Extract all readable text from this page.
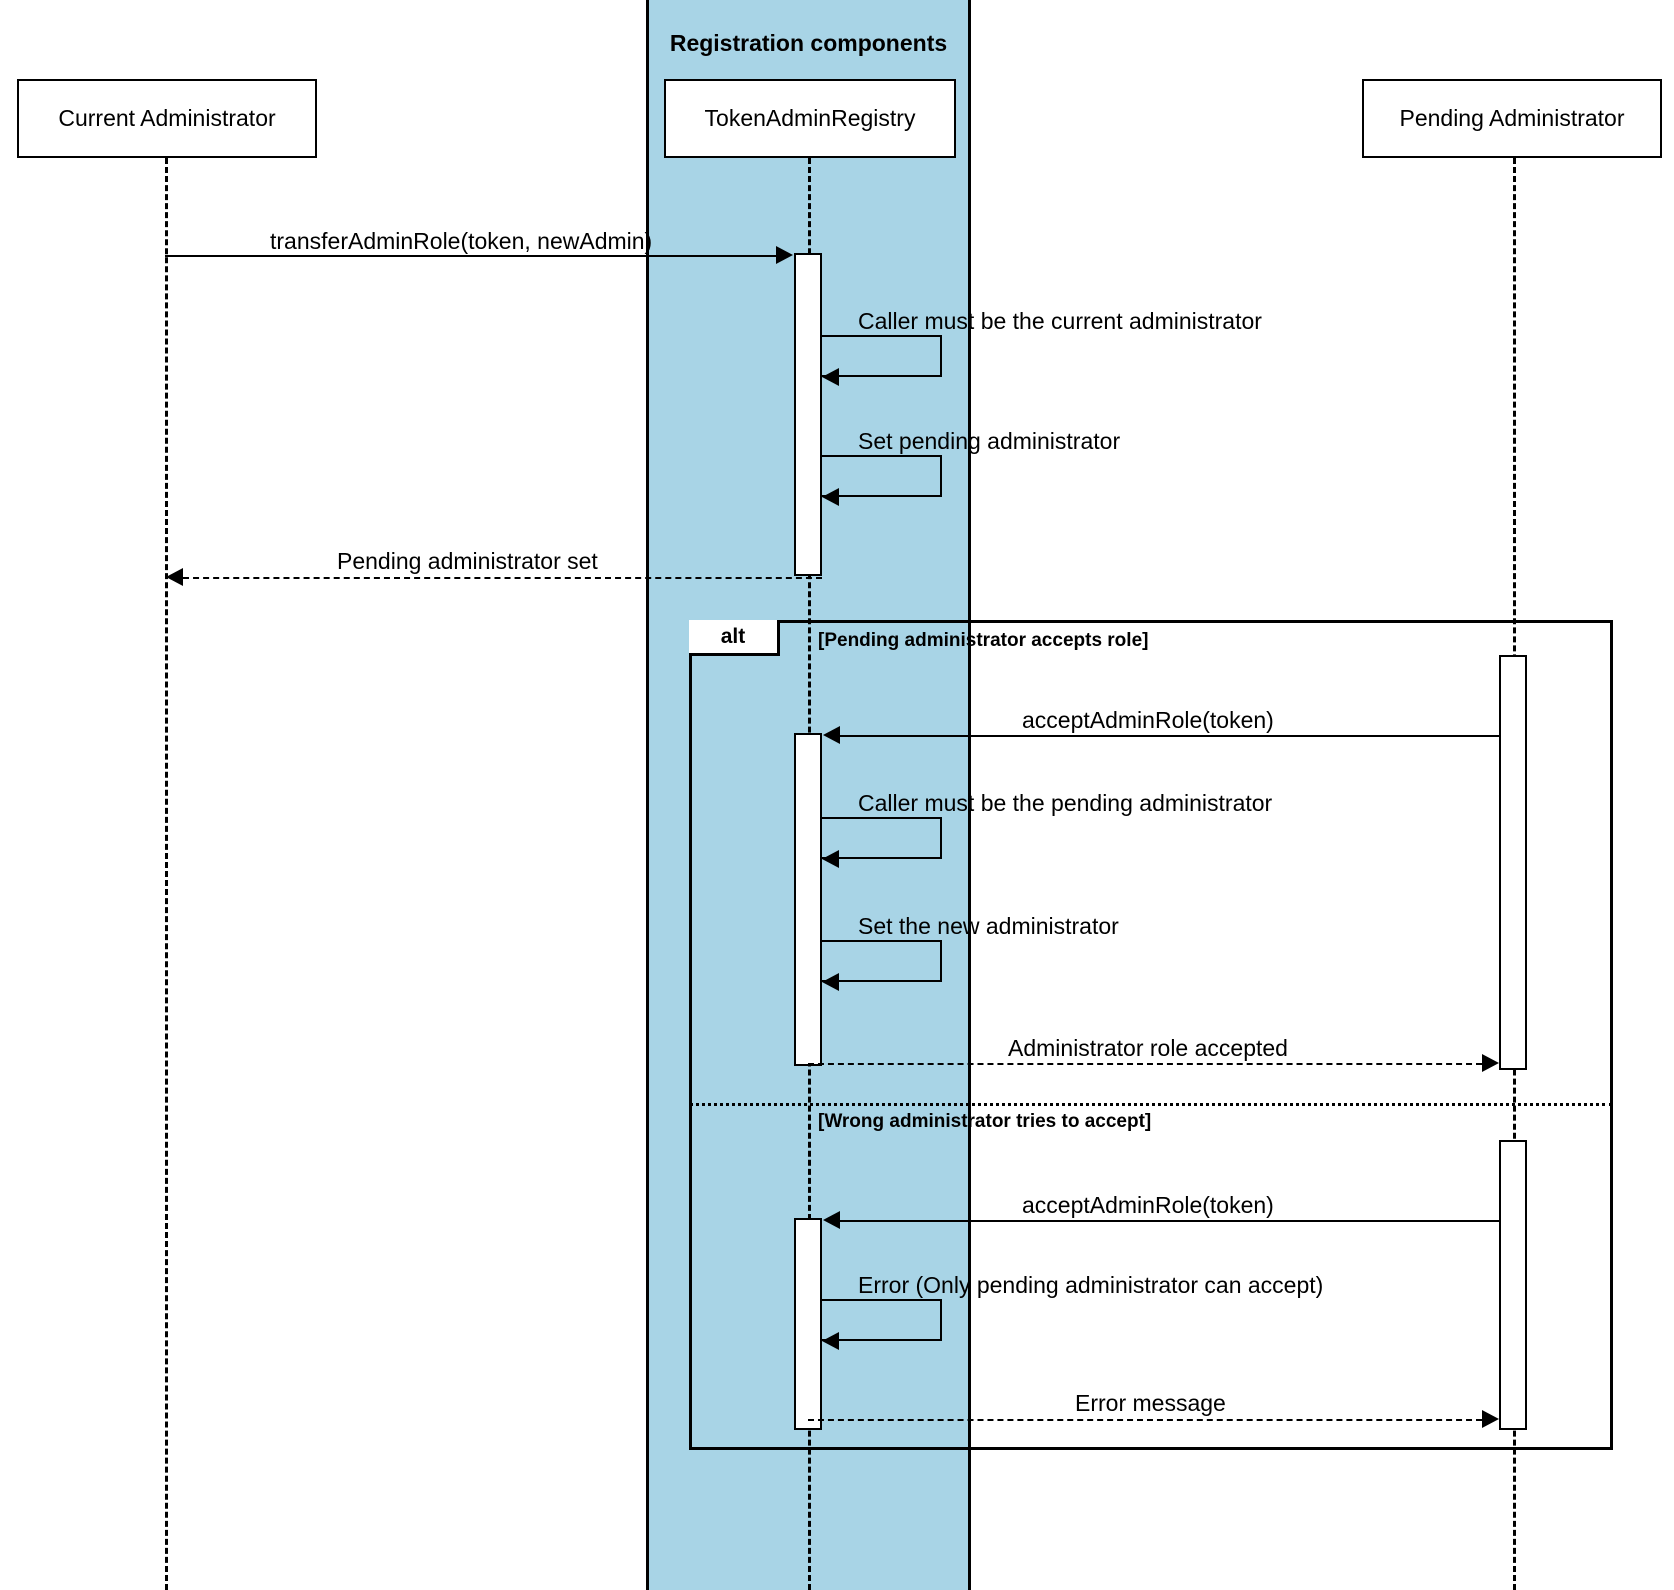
Registration components
Current Administrator	TokenAdminRegistry	Pending Administrator
transferAdminRole(token, newAdmin)
Caller must be the current administrator
Set pending administrator
Pending administrator set
alt	[Pending administrator accepts role]
acceptAdminRole(token)
Caller must be the pending administrator
Set the new administrator
Administrator role accepted
[Wrong administrator tries to accept]
acceptAdminRole(token)
Error (Only pending administrator can accept)
Error message
